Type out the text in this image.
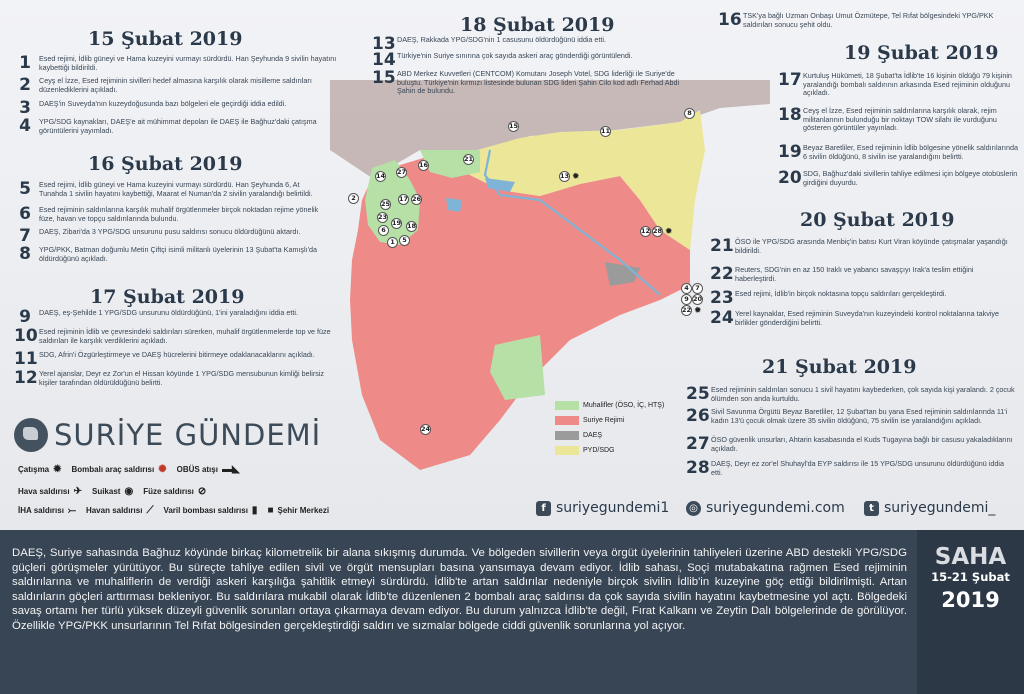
15 Şubat 2019
16 Şubat 2019
17 Şubat 2019
18 Şubat 2019
19 Şubat 2019
20 Şubat 2019
21 Şubat 2019
1	Esed rejimi, İdlib güneyi ve Hama kuzeyini vurmayı sürdürdü. Han Şeyhunda 9 sivilin hayatını kaybettiği bildirildi.
2	Ceyş el İzze, Esed rejiminin sivilleri hedef almasına karşılık olarak misilleme saldırıları düzenlediklerini açıkladı.
3	DAEŞ'in Suveyda'nın kuzeydoğusunda bazı bölgeleri ele geçirdiği iddia edildi.
4	YPG/SDG kaynakları, DAEŞ'e ait mühimmat depoları ile DAEŞ ile Bağhuz'daki çatışma görüntülerini yayımladı.
5	Esed rejimi, İdlib güneyi ve Hama kuzeyini vurmayı sürdürdü. Han Şeyhunda 6, At Tunahda 1 sivilin hayatını kaybettiği, Maarat el Numan'da 2 sivilin yaralandığı belirtildi.
6	Esed rejiminin saldırılarına karşılık muhalif örgütlenmeler birçok noktadan rejime yönelik füze, havan ve topçu saldırılarında bulundu.
7	DAEŞ, Zibari'da 3 YPG/SDG unsurunu pusu saldırısı sonucu öldürdüğünü aktardı.
8	YPG/PKK, Batman doğumlu Metin Çiftçi isimli militanlı üyelerinin 13 Şubat'ta Kamışlı'da öldürdüğünü açıkladı.
9	DAEŞ, eş-Şehilde 1 YPG/SDG unsurunu öldürdüğünü, 1'ini yaraladığını iddia etti.
10 Esed rejiminin İdlib ve çevresindeki saldırıları sürerken, muhalif örgütlenmelerde top ve füze saldırıları ile karşılık verdiklerini açıkladı.
11 SDG, Afrin'i Özgürleştirmeye ve DAEŞ hücrelerini bitirmeye odaklanacaklarını açıkladı.
12 Yerel ajanslar, Deyr ez Zor'un el Hissan köyünde 1 YPG/SDG mensubunun kimliği belirsiz kişiler tarafından öldürüldüğünü belirtti.
13 DAEŞ, Rakkada YPG/SDG'nin 1 casusunu öldürdüğünü iddia etti.
14 Türkiye'nin Suriye sınırına çok sayıda askeri araç gönderdiği görüntülendi.
15 ABD Merkez Kuvvetleri (CENTCOM) Komutanı Joseph Votel, SDG liderliği ile Suriye'de buluştu. Türkiye'nin kırmızı listesinde bulunan SDG lideri Şahin Cilo kod adlı Ferhad Abdi Şahin de bulundu.
16 TSK'ya bağlı Uzman Onbaşı Umut Özmütepe, Tel Rıfat bölgesindeki YPG/PKK saldırıları sonucu şehit oldu.
17 Kurtuluş Hükümeti, 18 Şubat'ta İdlib'te 16 kişinin öldüğü 79 kişinin yaralandığı bombalı saldırının arkasında Esed rejiminin olduğunu açıkladı.
18 Ceyş el İzze, Esed rejiminin saldırılarına karşılık olarak, rejim militanlarının bulunduğu bir noktayı TOW silahı ile vurduğunu gösteren görüntüler yayınladı.
19 Beyaz Baretliler, Esed rejiminin İdlib bölgesine yönelik saldırılarında 6 sivilin öldüğünü, 8 sivilin ise yaralandığını belirtti.
20 SDG, Bağhuz'daki sivillerin tahliye edilmesi için bölgeye otobüslerin girdiğini duyurdu.
21 ÖSO ile YPG/SDG arasında Menbiç'in batısı Kurt Viran köyünde çatışmalar yaşandığı bildirildi.
22 Reuters, SDG'nin en az 150 Iraklı ve yabancı savaşçıyı Irak'a teslim ettiğini haberleştirdi.
23 Esed rejimi, İdlib'in birçok noktasına topçu saldırıları gerçekleştirdi.
24 Yerel kaynaklar, Esed rejiminin Suveyda'nın kuzeyindeki kontrol noktalarına takviye birlikler gönderdiğini belirtti.
25 Esed rejiminin saldırıları sonucu 1 sivil hayatını kaybederken, çok sayıda kişi yaralandı. 2 çocuk ölümden son anda kurtuldu.
26 Sivil Savunma Örgütü Beyaz Baretliler, 12 Şubat'tan bu yana Esed rejiminin saldırılarında 11'i kadın 13'ü çocuk olmak üzere 35 sivilin öldüğünü, 75 sivilin ise yaralandığını açıkladı.
27 ÖSO güvenlik unsurları, Ahtarin kasabasında el Kuds Tugayına bağlı bir casusu yakaladıklarını açıkladı.
28 DAEŞ, Deyr ez zor'el Shuhayl'da EYP saldırısı ile 15 YPG/SDG unsurunu öldürdüğünü iddia etti.
1
2
24
5
6	18
19
23
25
17 26
27
14
16
21
15
11
8
13 ✹
12 28 ✹
4 7
9 20
22 ✹
Muhalifler (ÖSO, İÇ, HTŞ)
Suriye Rejimi
DAEŞ
PYD/SDG
SURİYE GÜNDEMİ
Çatışma ✹ Bombalı araç saldırısı ✺ OBÜS atışı ▬◣
Hava saldırısı ✈ Suikast ◉ Füze saldırısı ⊘
İHA saldırısı ⤚ Havan saldırısı ⟋ Varil bombası saldırısı ▮ ■ Şehir Merkezi	f suriyegundemi1	◎ suriyegundemi.com	t suriyegundemi_

DAEŞ, Suriye sahasında Bağhuz köyünde birkaç kilometrelik bir alana sıkışmış durumda. Ve bölgeden sivillerin veya örgüt üyelerinin tahliyeleri üzerine ABD destekli YPG/SDG güçleri görüşmeler yürütüyor. Bu süreçte tahliye edilen sivil ve örgüt mensupları basına yansımaya devam ediyor. İdlib sahası, Soçi mutabakatına rağmen Esed rejiminin saldırılarına ve muhaliflerin de verdiği askeri karşılığa şahitlik etmeyi sürdürdü. İdlib'te artan saldırılar nedeniyle birçok sivilin İdlib'in kuzeyine göç ettiği bildirilmişti. Artan saldırıların göçleri arttırması bekleniyor. Bu saldırılara mukabil olarak İdlib'te düzenlenen 2 bombalı araç saldırısı da çok sayıda sivilin hayatını kaybetmesine yol açtı. Bölgedeki savaş ortamı her türlü yüksek düzeyli güvenlik sorunları ortaya çıkarmaya devam ediyor. Bu durum yalnızca İdlib'te değil, Fırat Kalkanı ve Zeytin Dalı bölgelerinde de görülüyor. Özellikle YPG/PKK unsurlarının Tel Rıfat bölgesinden gerçekleştirdiği saldırı ve sızmalar bölgede ciddi güvenlik sorunlarına yol açıyor.

SAHA
15-21 Şubat
2019
